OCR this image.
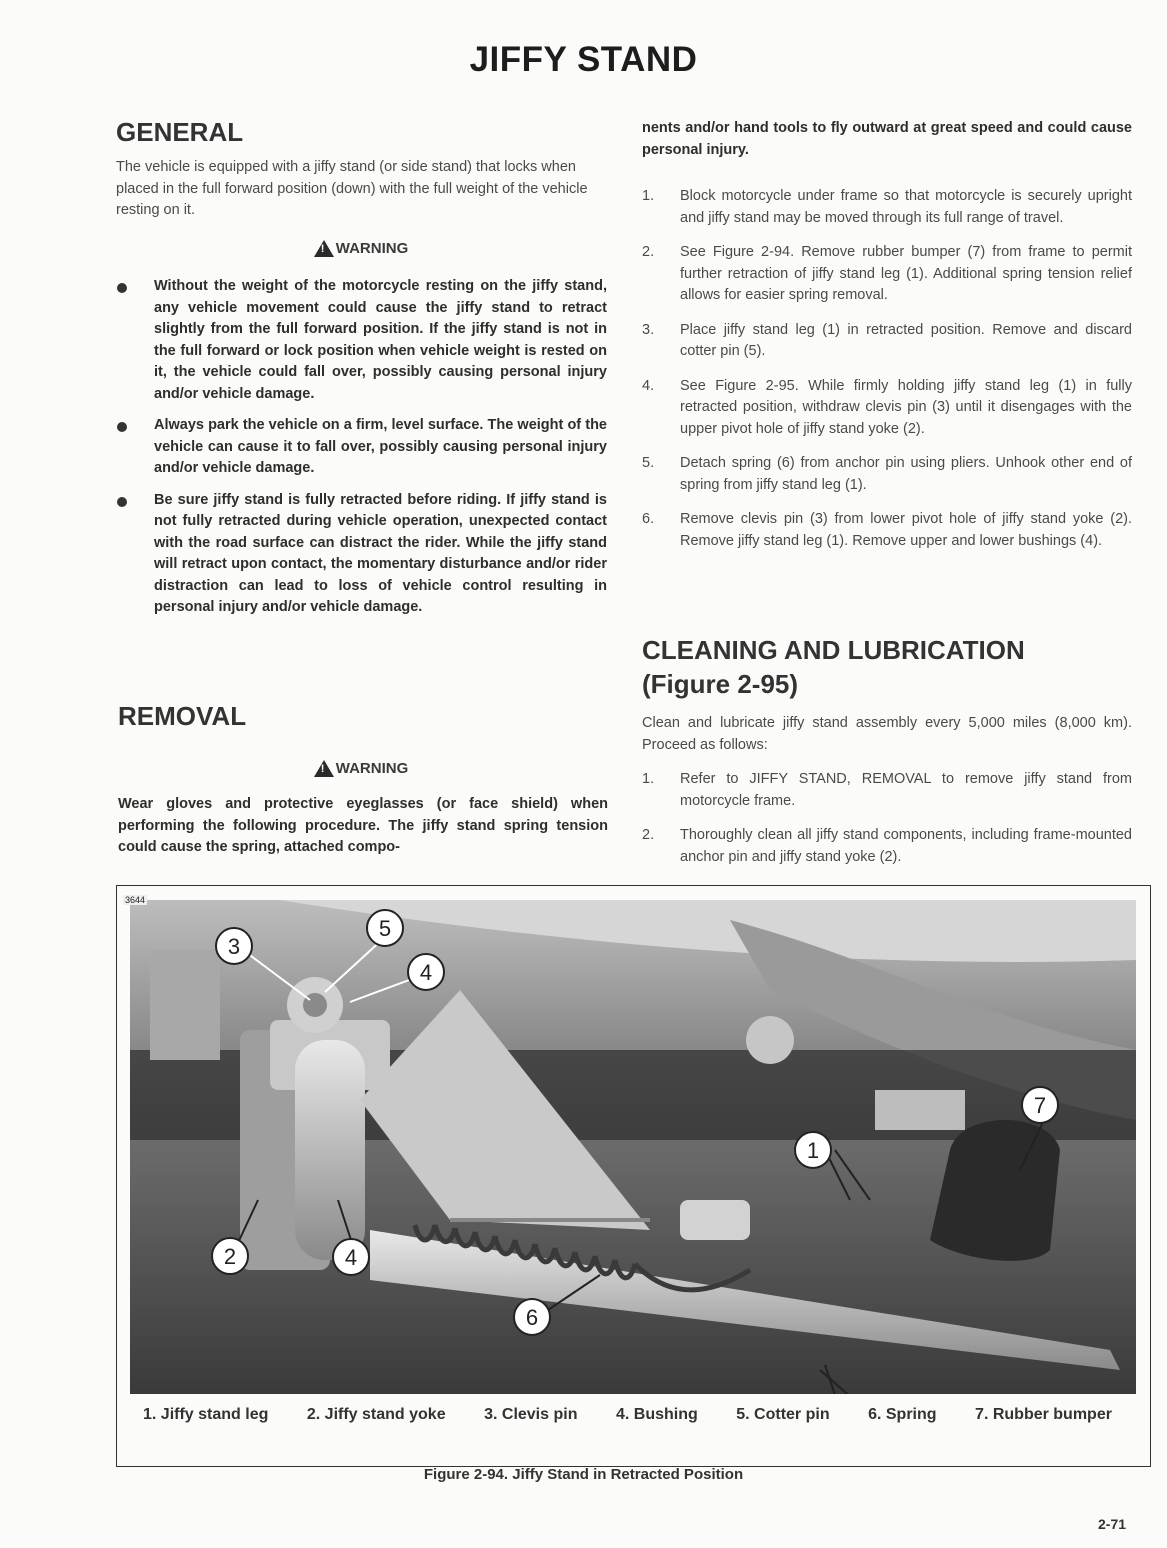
JIFFY STAND
GENERAL
The vehicle is equipped with a jiffy stand (or side stand) that locks when placed in the full forward position (down) with the full weight of the vehicle resting on it.
!
WARNING
Without the weight of the motorcycle resting on the jiffy stand, any vehicle movement could cause the jiffy stand to retract slightly from the full forward position. If the jiffy stand is not in the full forward or lock position when vehicle weight is rested on it, the vehicle could fall over, possibly causing personal injury and/or vehicle damage.
Always park the vehicle on a firm, level surface. The weight of the vehicle can cause it to fall over, possibly causing personal injury and/or vehicle damage.
Be sure jiffy stand is fully retracted before riding. If jiffy stand is not fully retracted during vehicle operation, unexpected contact with the road surface can distract the rider. While the jiffy stand will retract upon contact, the momentary disturbance and/or rider distraction can lead to loss of vehicle control resulting in personal injury and/or vehicle damage.
REMOVAL
!
WARNING
Wear gloves and protective eyeglasses (or face shield) when performing the following procedure. The jiffy stand spring tension could cause the spring, attached compo-
nents and/or hand tools to fly outward at great speed and could cause personal injury.
1.	Block motorcycle under frame so that motorcycle is securely upright and jiffy stand may be moved through its full range of travel.
2.	See Figure 2-94. Remove rubber bumper (7) from frame to permit further retraction of jiffy stand leg (1). Additional spring tension relief allows for easier spring removal.
3.	Place jiffy stand leg (1) in retracted position. Remove and discard cotter pin (5).
4.	See Figure 2-95. While firmly holding jiffy stand leg (1) in fully retracted position, withdraw clevis pin (3) until it disengages with the upper pivot hole of jiffy stand yoke (2).
5.	Detach spring (6) from anchor pin using pliers. Unhook other end of spring from jiffy stand leg (1).
6.	Remove clevis pin (3) from lower pivot hole of jiffy stand yoke (2). Remove jiffy stand leg (1). Remove upper and lower bushings (4).
CLEANING AND LUBRICATION
(Figure 2-95)
Clean and lubricate jiffy stand assembly every 5,000 miles (8,000 km). Proceed as follows:
1.	Refer to JIFFY STAND, REMOVAL to remove jiffy stand from motorcycle frame.
2.	Thoroughly clean all jiffy stand components, including frame-mounted anchor pin and jiffy stand yoke (2).
3
5
4
2	4
6
1
7
3644
1. Jiffy stand leg 2. Jiffy stand yoke 3. Clevis pin 4. Bushing 5. Cotter pin 6. Spring 7. Rubber bumper
Figure 2-94. Jiffy Stand in Retracted Position
2-71
